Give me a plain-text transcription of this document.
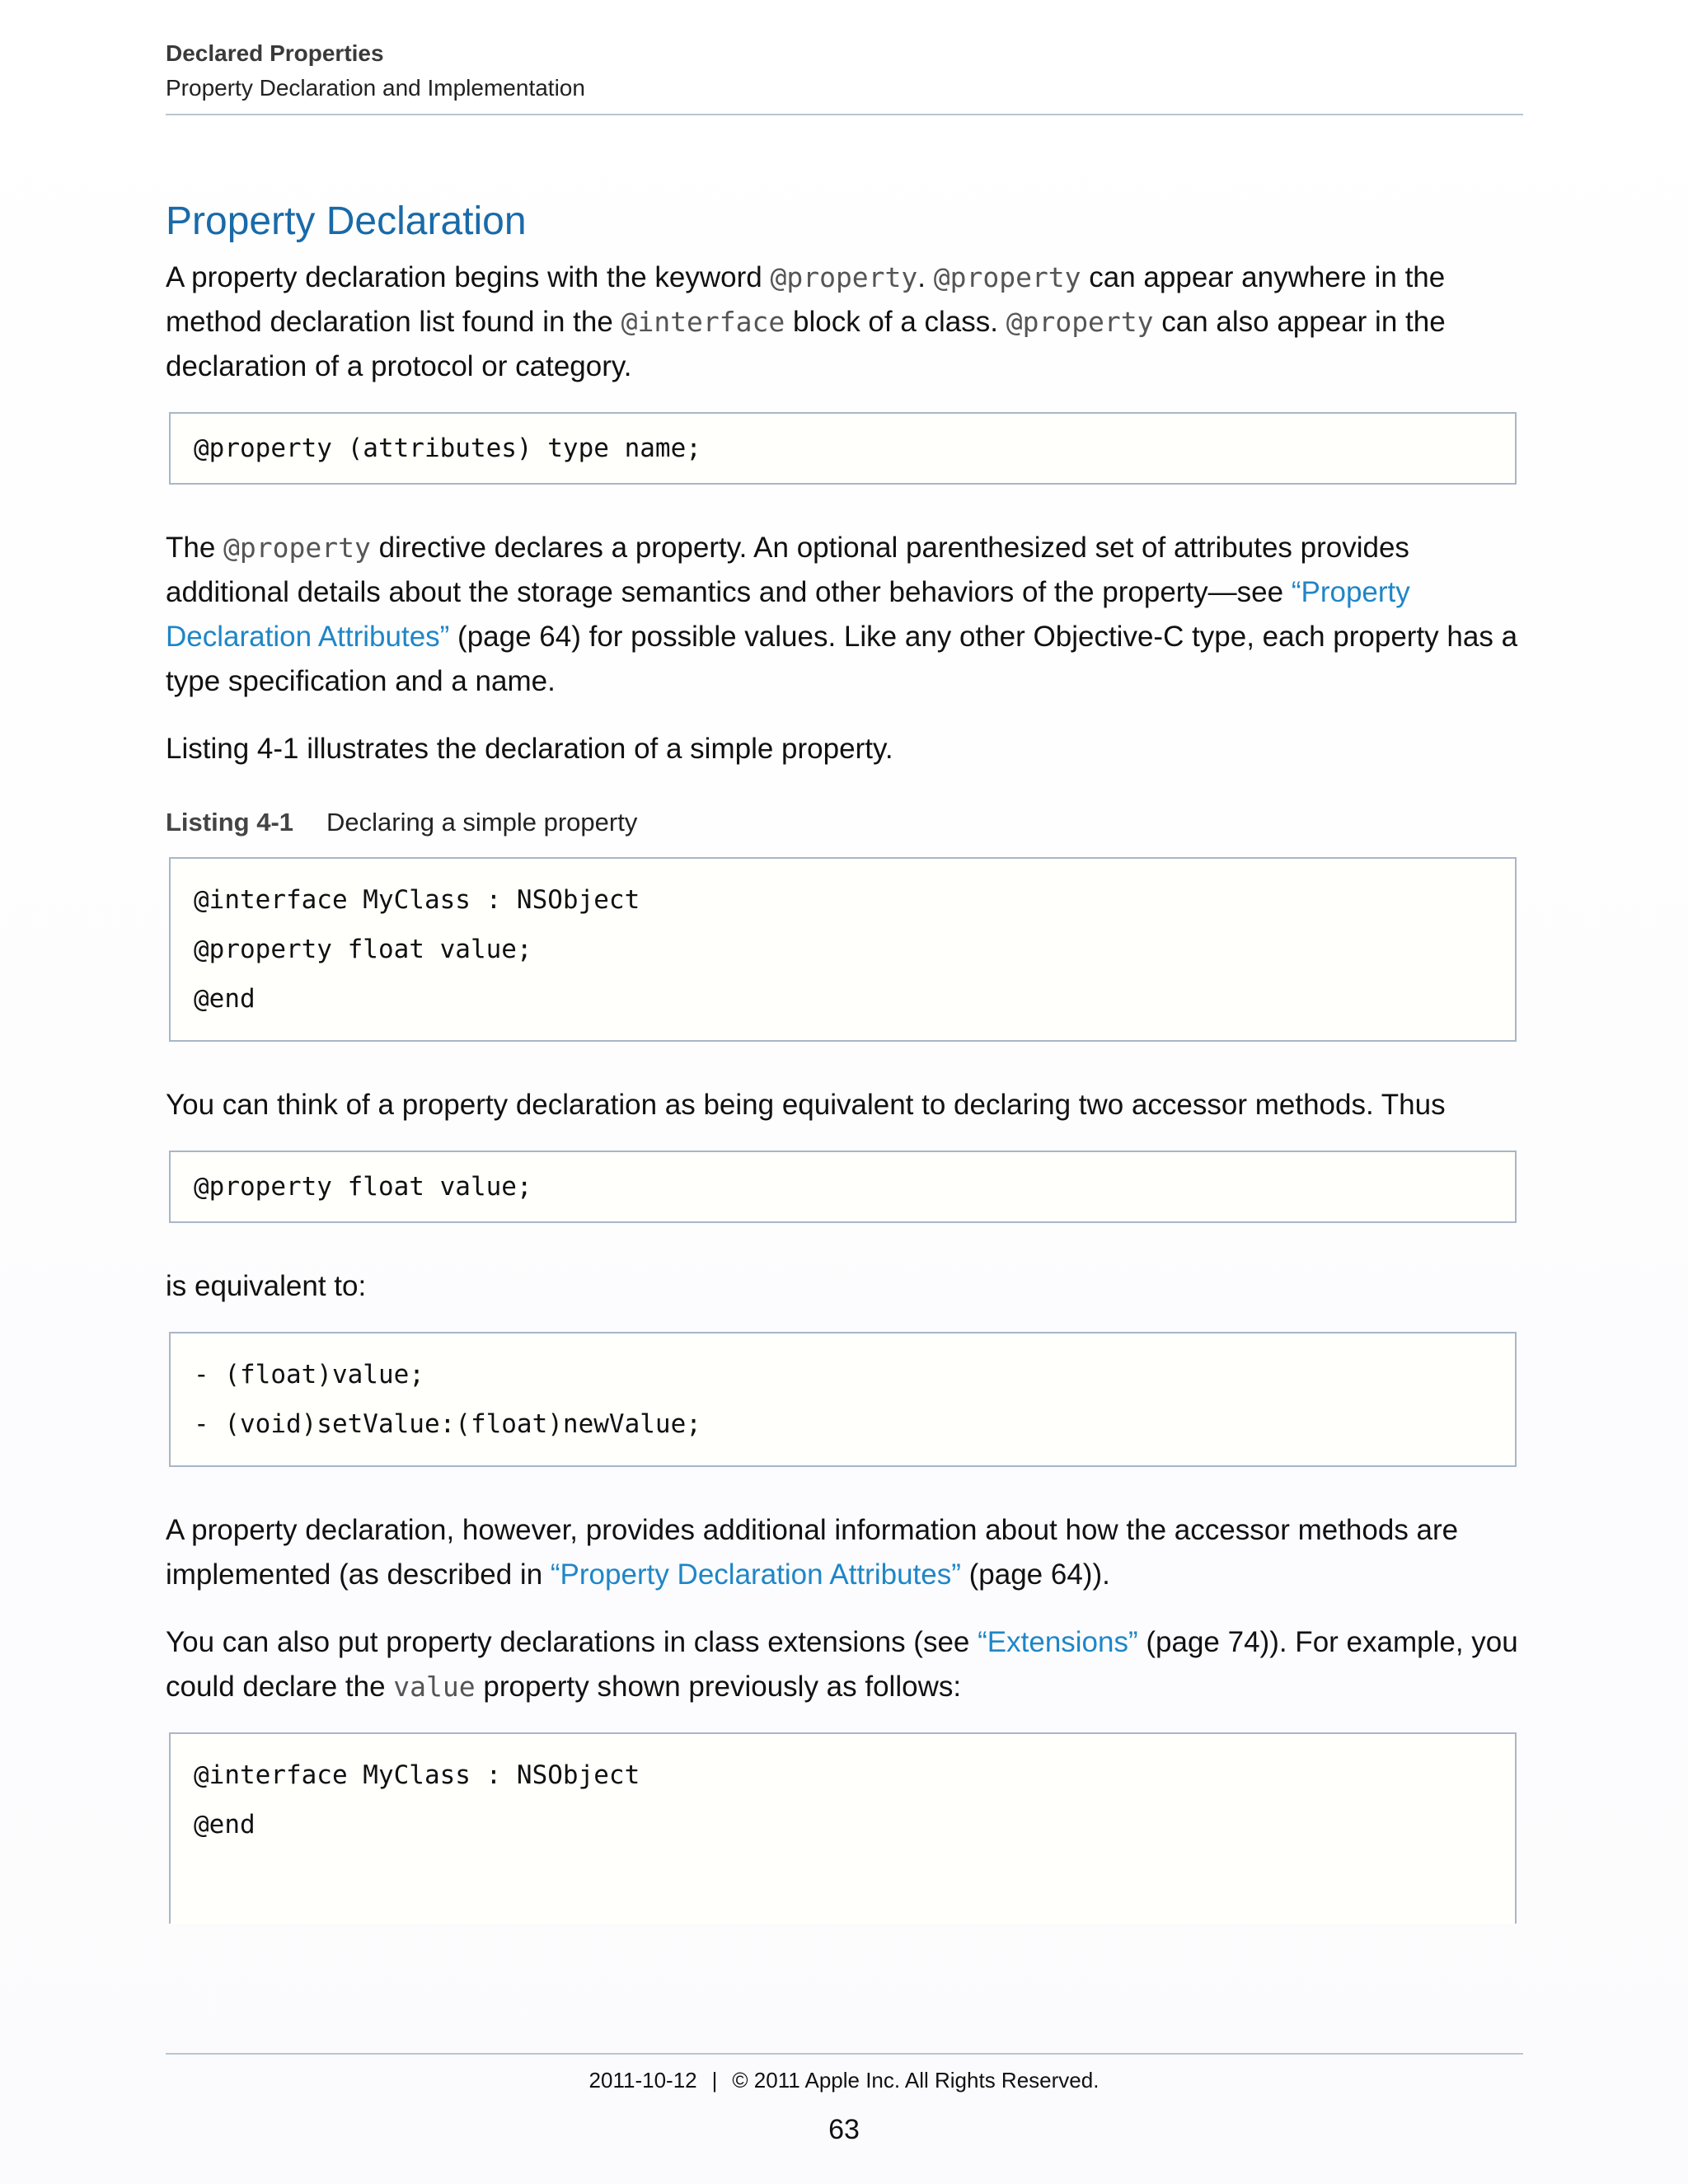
Declared Properties
Property Declaration and Implementation
Property Declaration

A property declaration begins with the keyword @property. @property can appear anywhere in the method declaration list found in the @interface block of a class. @property can also appear in the declaration of a protocol or category.

@property (attributes) type name;

The @property directive declares a property. An optional parenthesized set of attributes provides additional details about the storage semantics and other behaviors of the property—see “Property Declaration Attributes” (page 64) for possible values. Like any other Objective-C type, each property has a type specification and a name.

Listing 4-1 illustrates the declaration of a simple property.

Listing 4-1 Declaring a simple property
@interface MyClass : NSObject
@property float value;
@end

You can think of a property declaration as being equivalent to declaring two accessor methods. Thus

@property float value;

is equivalent to:

- (float)value;
- (void)setValue:(float)newValue;

A property declaration, however, provides additional information about how the accessor methods are implemented (as described in “Property Declaration Attributes” (page 64)).

You can also put property declarations in class extensions (see “Extensions” (page 74)). For example, you could declare the value property shown previously as follows:

@interface MyClass : NSObject
@end
2011-10-12 | © 2011 Apple Inc. All Rights Reserved.
63
